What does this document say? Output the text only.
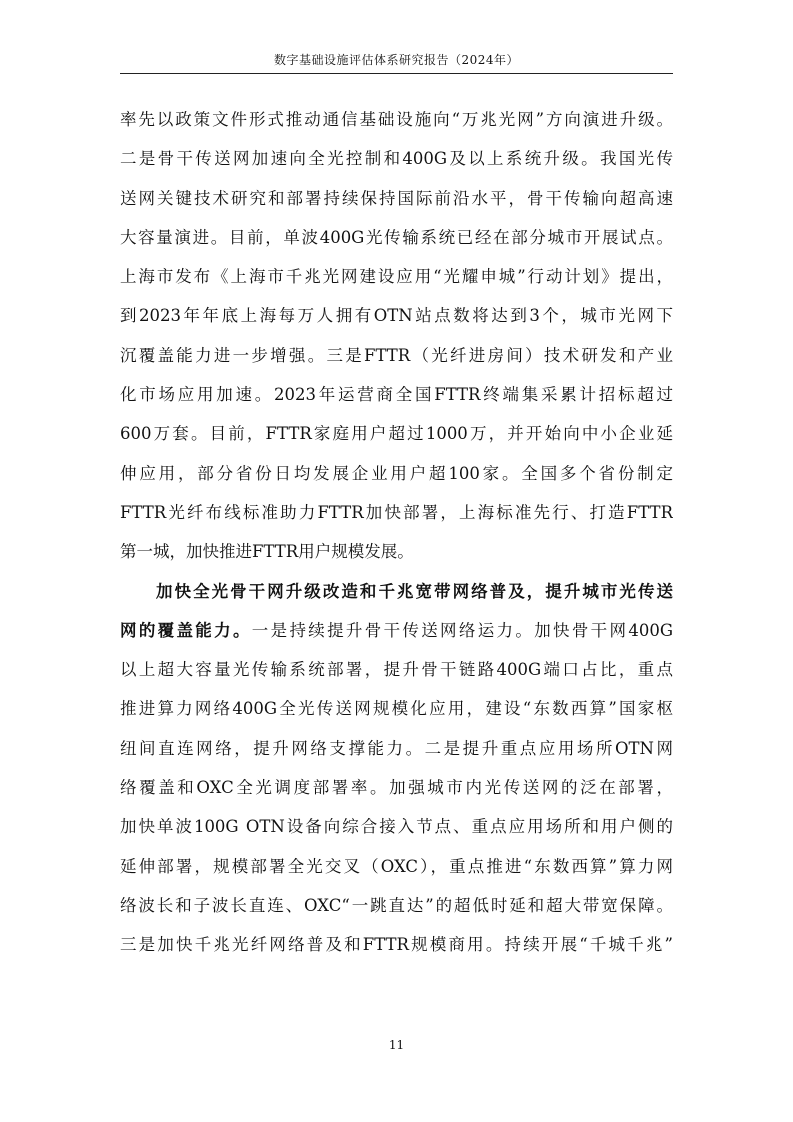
数字基础设施评估体系研究报告（2024年）
率先以政策文件形式推动通信基础设施向“万兆光网”方向演进升级。
二是骨干传送网加速向全光控制和400G及以上系统升级。我国光传
送网关键技术研究和部署持续保持国际前沿水平，骨干传输向超高速
大容量演进。目前，单波400G光传输系统已经在部分城市开展试点。
上海市发布《上海市千兆光网建设应用“光耀申城”行动计划》提出，
到2023年年底上海每万人拥有OTN站点数将达到3个，城市光网下
沉覆盖能力进一步增强。三是FTTR（光纤进房间）技术研发和产业
化市场应用加速。2023年运营商全国FTTR终端集采累计招标超过
600万套。目前，FTTR家庭用户超过1000万，并开始向中小企业延
伸应用，部分省份日均发展企业用户超100家。全国多个省份制定
FTTR光纤布线标准助力FTTR加快部署，上海标准先行、打造FTTR
第一城，加快推进FTTR用户规模发展。
加快全光骨干网升级改造和千兆宽带网络普及，提升城市光传送
网的覆盖能力。一是持续提升骨干传送网络运力。加快骨干网400G
以上超大容量光传输系统部署，提升骨干链路400G端口占比，重点
推进算力网络400G全光传送网规模化应用，建设“东数西算”国家枢
纽间直连网络，提升网络支撑能力。二是提升重点应用场所OTN网
络覆盖和OXC全光调度部署率。加强城市内光传送网的泛在部署，
加快单波100G OTN设备向综合接入节点、重点应用场所和用户侧的
延伸部署，规模部署全光交叉（OXC），重点推进“东数西算”算力网
络波长和子波长直连、OXC“一跳直达”的超低时延和超大带宽保障。
三是加快千兆光纤网络普及和FTTR规模商用。持续开展“千城千兆”
11
